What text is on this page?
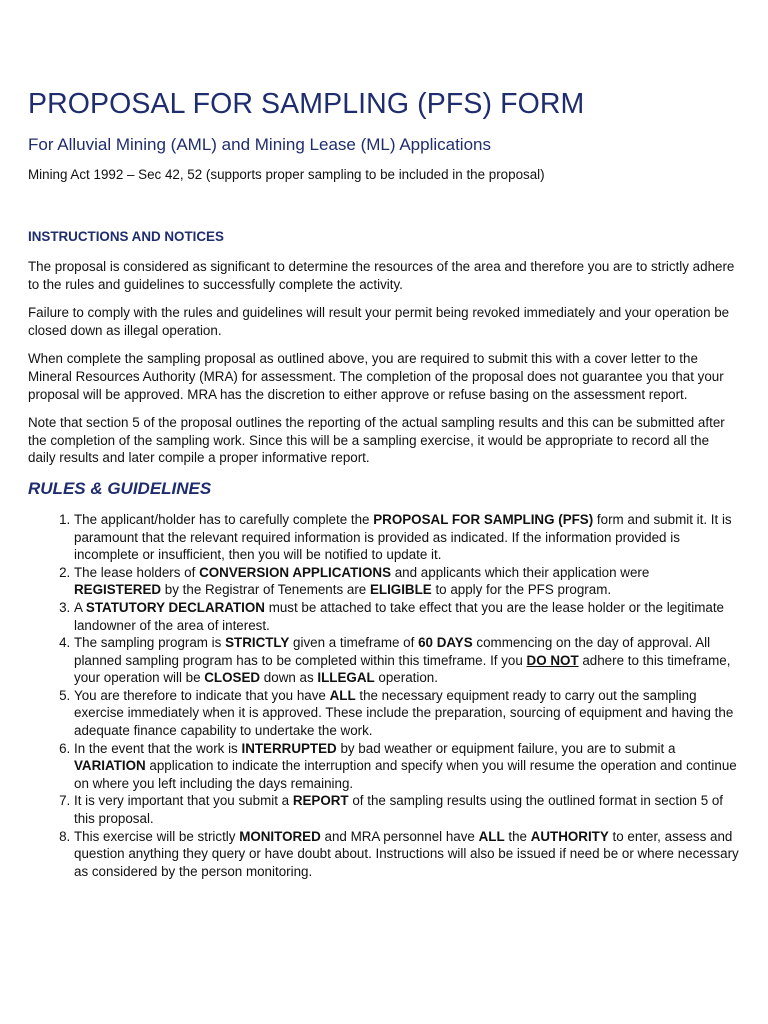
PROPOSAL FOR SAMPLING (PFS) FORM
For Alluvial Mining (AML) and Mining Lease (ML) Applications
Mining Act 1992 – Sec 42, 52 (supports proper sampling to be included in the proposal)
INSTRUCTIONS AND NOTICES

The proposal is considered as significant to determine the resources of the area and therefore you are to strictly adhere to the rules and guidelines to successfully complete the activity.

Failure to comply with the rules and guidelines will result your permit being revoked immediately and your operation be closed down as illegal operation.

When complete the sampling proposal as outlined above, you are required to submit this with a cover letter to the Mineral Resources Authority (MRA) for assessment. The completion of the proposal does not guarantee you that your proposal will be approved. MRA has the discretion to either approve or refuse basing on the assessment report.

Note that section 5 of the proposal outlines the reporting of the actual sampling results and this can be submitted after the completion of the sampling work. Since this will be a sampling exercise, it would be appropriate to record all the daily results and later compile a proper informative report.

RULES & GUIDELINES
1. The applicant/holder has to carefully complete the PROPOSAL FOR SAMPLING (PFS) form and submit it. It is paramount that the relevant required information is provided as indicated. If the information provided is incomplete or insufficient, then you will be notified to update it.
2. The lease holders of CONVERSION APPLICATIONS and applicants which their application were REGISTERED by the Registrar of Tenements are ELIGIBLE to apply for the PFS program.
3. A STATUTORY DECLARATION must be attached to take effect that you are the lease holder or the legitimate landowner of the area of interest.
4. The sampling program is STRICTLY given a timeframe of 60 DAYS commencing on the day of approval. All planned sampling program has to be completed within this timeframe. If you DO NOT adhere to this timeframe, your operation will be CLOSED down as ILLEGAL operation.
5. You are therefore to indicate that you have ALL the necessary equipment ready to carry out the sampling exercise immediately when it is approved. These include the preparation, sourcing of equipment and having the adequate finance capability to undertake the work.
6. In the event that the work is INTERRUPTED by bad weather or equipment failure, you are to submit a VARIATION application to indicate the interruption and specify when you will resume the operation and continue on where you left including the days remaining.
7. It is very important that you submit a REPORT of the sampling results using the outlined format in section 5 of this proposal.
8. This exercise will be strictly MONITORED and MRA personnel have ALL the AUTHORITY to enter, assess and question anything they query or have doubt about. Instructions will also be issued if need be or where necessary as considered by the person monitoring.
